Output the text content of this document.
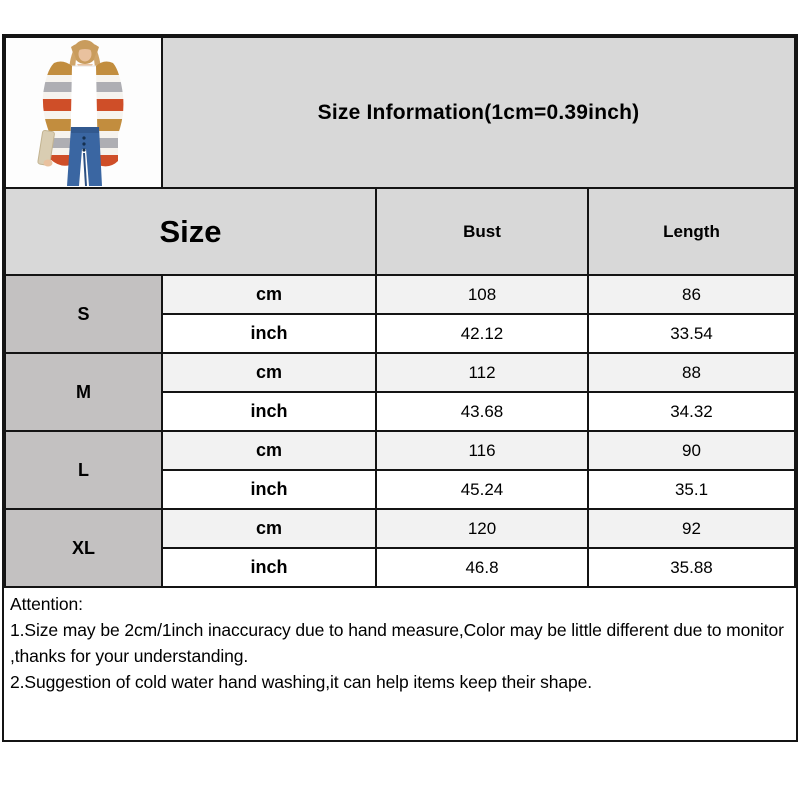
	Size Information(1cm=0.39inch)		
Size		Bust	Length
S	cm	108	86
	inch	42.12	33.54
M	cm	112	88
	inch	43.68	34.32
L	cm	116	90
	inch	45.24	35.1
XL	cm	120	92
	inch	46.8	35.88

Attention:

1.Size may be 2cm/1inch inaccuracy due to hand measure,Color may be little different due to monitor ,thanks for your understanding.

2.Suggestion of cold water hand washing,it can help items keep their shape.
